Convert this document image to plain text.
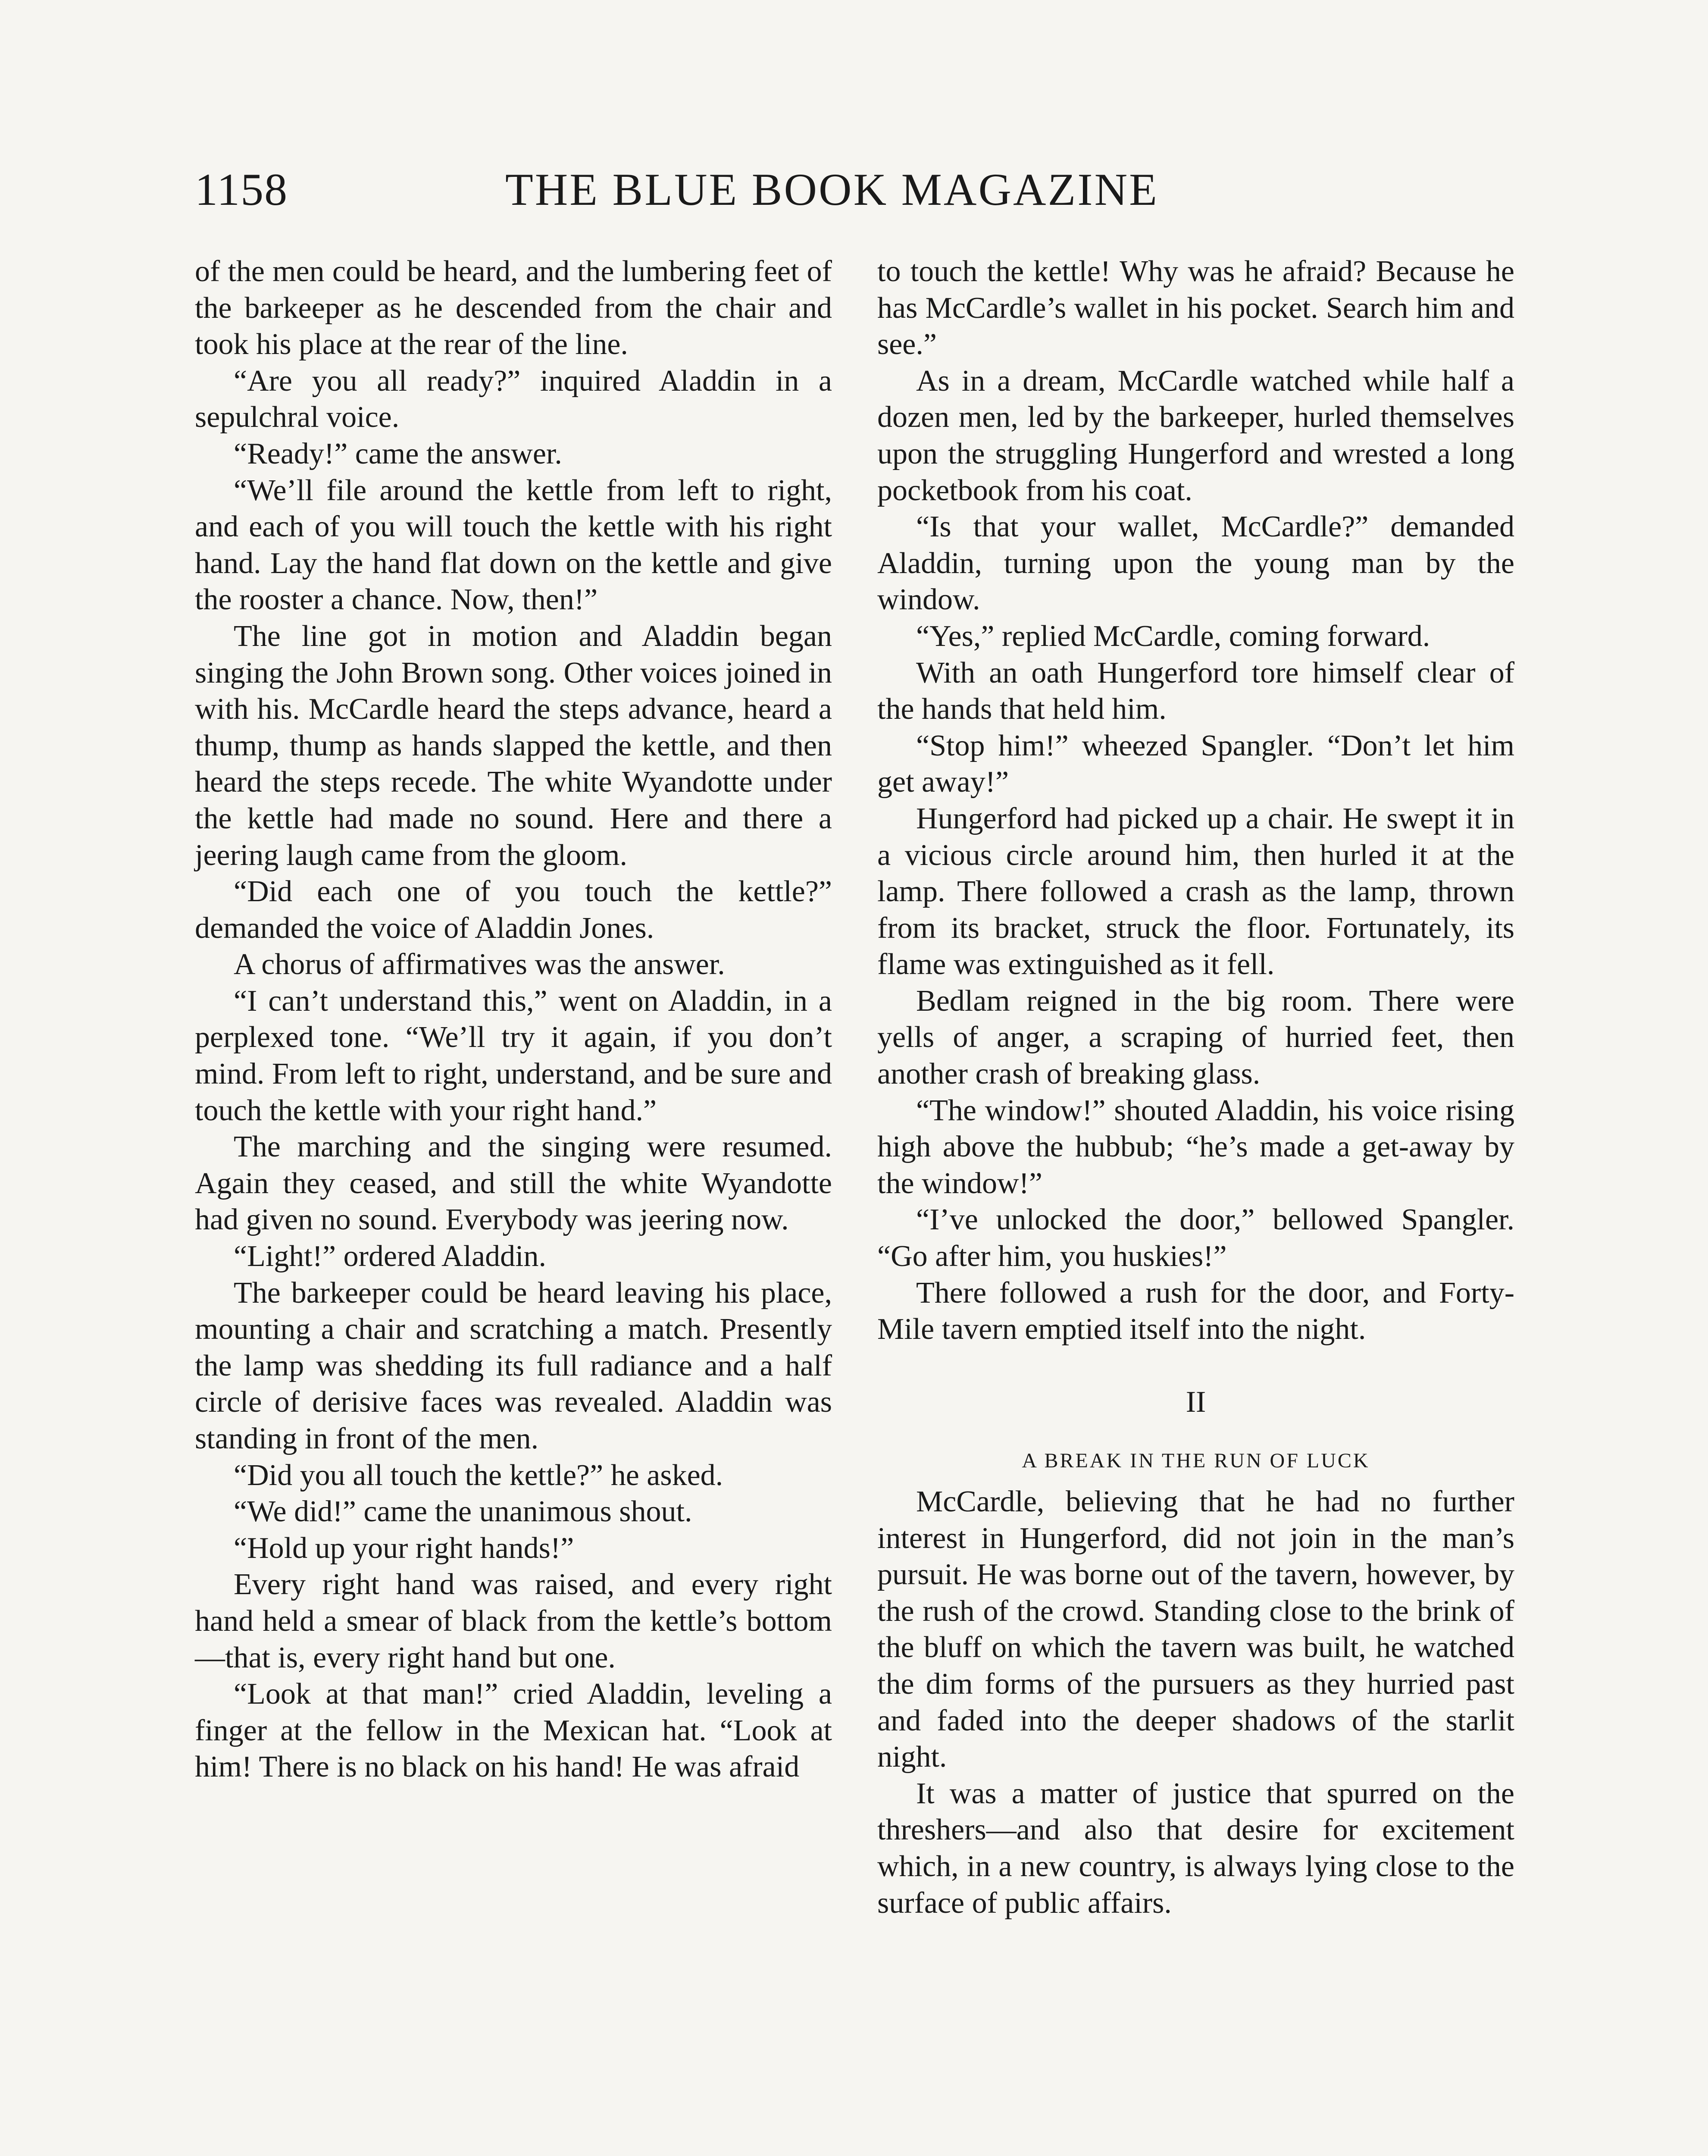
1158	THE BLUE BOOK MAGAZINE

of the men could be heard, and the lumbering feet of the barkeeper as he descended from the chair and took his place at the rear of the line.

“Are you all ready?” inquired Aladdin in a sepulchral voice.

“Ready!” came the answer.

“We’ll file around the kettle from left to right, and each of you will touch the kettle with his right hand. Lay the hand flat down on the kettle and give the rooster a chance. Now, then!”

The line got in motion and Aladdin began singing the John Brown song. Other voices joined in with his. McCardle heard the steps advance, heard a thump, thump as hands slapped the kettle, and then heard the steps recede. The white Wyandotte under the kettle had made no sound. Here and there a jeering laugh came from the gloom.

“Did each one of you touch the kettle?” demanded the voice of Aladdin Jones.

A chorus of affirmatives was the answer.

“I can’t understand this,” went on Aladdin, in a perplexed tone. “We’ll try it again, if you don’t mind. From left to right, understand, and be sure and touch the kettle with your right hand.”

The marching and the singing were resumed. Again they ceased, and still the white Wyandotte had given no sound. Everybody was jeering now.

“Light!” ordered Aladdin.

The barkeeper could be heard leaving his place, mounting a chair and scratching a match. Presently the lamp was shedding its full radiance and a half circle of derisive faces was revealed. Aladdin was standing in front of the men.

“Did you all touch the kettle?” he asked.

“We did!” came the unanimous shout.

“Hold up your right hands!”

Every right hand was raised, and every right hand held a smear of black from the kettle’s bottom—that is, every right hand but one.

“Look at that man!” cried Aladdin, leveling a finger at the fellow in the Mexican hat. “Look at him! There is no black on his hand! He was afraid

to touch the kettle! Why was he afraid? Because he has McCardle’s wallet in his pocket. Search him and see.”

As in a dream, McCardle watched while half a dozen men, led by the barkeeper, hurled themselves upon the struggling Hungerford and wrested a long pocketbook from his coat.

“Is that your wallet, McCardle?” demanded Aladdin, turning upon the young man by the window.

“Yes,” replied McCardle, coming forward.

With an oath Hungerford tore himself clear of the hands that held him.

“Stop him!” wheezed Spangler. “Don’t let him get away!”

Hungerford had picked up a chair. He swept it in a vicious circle around him, then hurled it at the lamp. There followed a crash as the lamp, thrown from its bracket, struck the floor. Fortunately, its flame was extinguished as it fell.

Bedlam reigned in the big room. There were yells of anger, a scraping of hurried feet, then another crash of breaking glass.

“The window!” shouted Aladdin, his voice rising high above the hubbub; “he’s made a get-away by the window!”

“I’ve unlocked the door,” bellowed Spangler. “Go after him, you huskies!”

There followed a rush for the door, and Forty-Mile tavern emptied itself into the night.

II
A BREAK IN THE RUN OF LUCK

McCardle, believing that he had no further interest in Hungerford, did not join in the man’s pursuit. He was borne out of the tavern, however, by the rush of the crowd. Standing close to the brink of the bluff on which the tavern was built, he watched the dim forms of the pursuers as they hurried past and faded into the deeper shadows of the starlit night.

It was a matter of justice that spurred on the threshers—and also that desire for excitement which, in a new country, is always lying close to the surface of public affairs.
